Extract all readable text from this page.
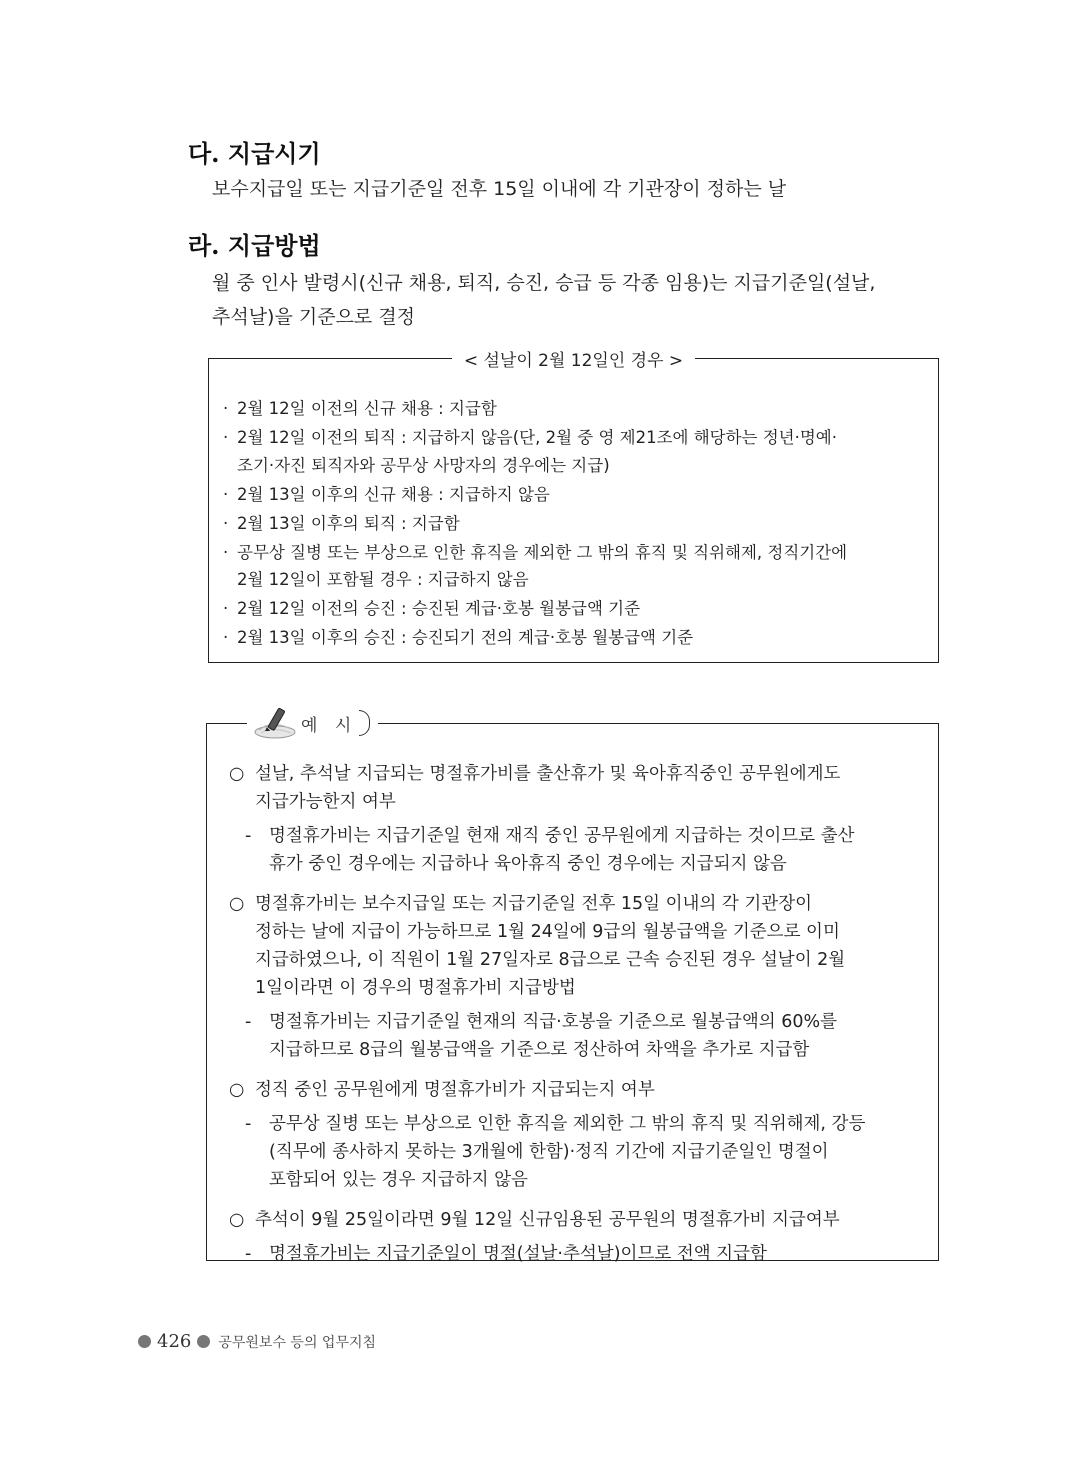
다. 지급시기

보수지급일 또는 지급기준일 전후 15일 이내에 각 기관장이 정하는 날

라. 지급방법

월 중 인사 발령시(신규 채용, 퇴직, 승진, 승급 등 각종 임용)는 지급기준일(설날,
추석날)을 기준으로 결정

< 설날이 2월 12일인 경우 >
· 2월 12일 이전의 신규 채용 : 지급함
· 2월 12일 이전의 퇴직 : 지급하지 않음(단, 2월 중 영 제21조에 해당하는 정년·명예·
조기·자진 퇴직자와 공무상 사망자의 경우에는 지급)
· 2월 13일 이후의 신규 채용 : 지급하지 않음
· 2월 13일 이후의 퇴직 : 지급함
· 공무상 질병 또는 부상으로 인한 휴직을 제외한 그 밖의 휴직 및 직위해제, 정직기간에
2월 12일이 포함될 경우 : 지급하지 않음
· 2월 12일 이전의 승진 : 승진된 계급·호봉 월봉급액 기준
· 2월 13일 이후의 승진 : 승진되기 전의 계급·호봉 월봉급액 기준
예 시
○ 설날, 추석날 지급되는 명절휴가비를 출산휴가 및 육아휴직중인 공무원에게도
지급가능한지 여부
- 명절휴가비는 지급기준일 현재 재직 중인 공무원에게 지급하는 것이므로 출산
휴가 중인 경우에는 지급하나 육아휴직 중인 경우에는 지급되지 않음
○ 명절휴가비는 보수지급일 또는 지급기준일 전후 15일 이내의 각 기관장이
정하는 날에 지급이 가능하므로 1월 24일에 9급의 월봉급액을 기준으로 이미
지급하였으나, 이 직원이 1월 27일자로 8급으로 근속 승진된 경우 설날이 2월
1일이라면 이 경우의 명절휴가비 지급방법
- 명절휴가비는 지급기준일 현재의 직급·호봉을 기준으로 월봉급액의 60%를
지급하므로 8급의 월봉급액을 기준으로 정산하여 차액을 추가로 지급함
○ 정직 중인 공무원에게 명절휴가비가 지급되는지 여부
- 공무상 질병 또는 부상으로 인한 휴직을 제외한 그 밖의 휴직 및 직위해제, 강등
(직무에 종사하지 못하는 3개월에 한함)·정직 기간에 지급기준일인 명절이
포함되어 있는 경우 지급하지 않음
○ 추석이 9월 25일이라면 9월 12일 신규임용된 공무원의 명절휴가비 지급여부
- 명절휴가비는 지급기준일이 명절(설날·추석날)이므로 전액 지급함
426 공무원보수 등의 업무지침
